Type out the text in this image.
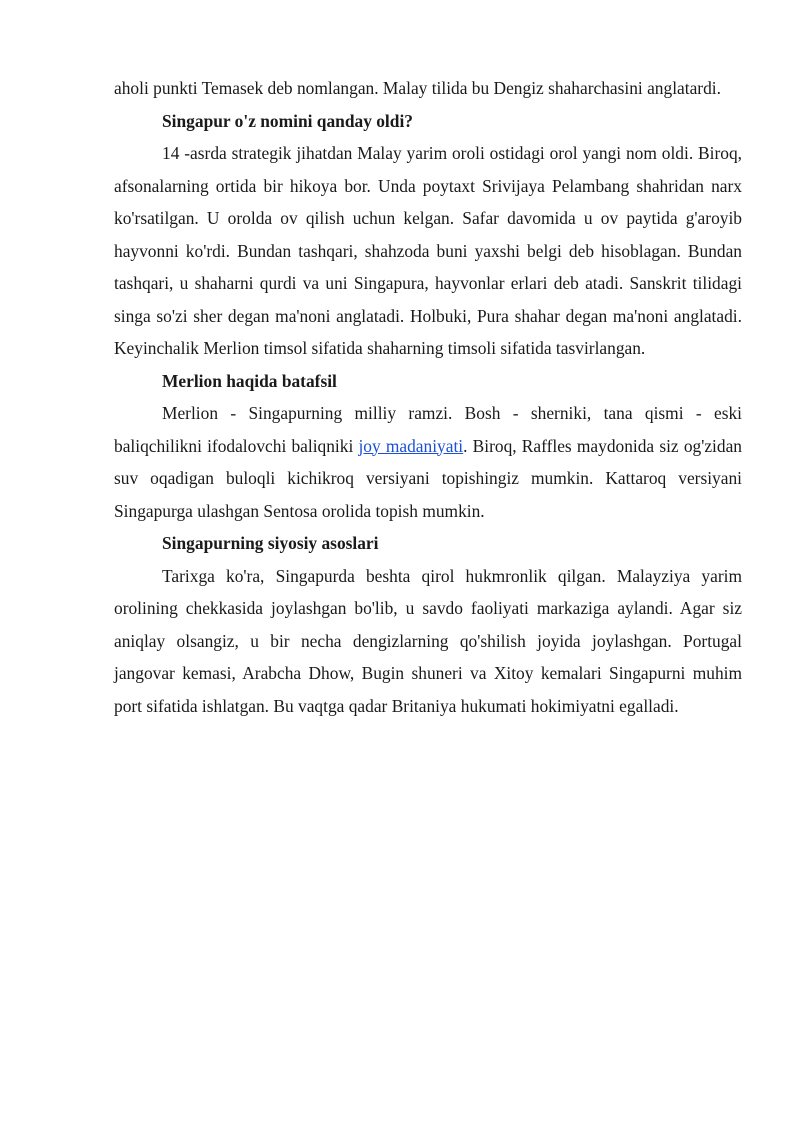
aholi punkti Temasek deb nomlangan. Malay tilida bu Dengiz shaharchasini anglatardi.

Singapur o'z nomini qanday oldi?

14 -asrda strategik jihatdan Malay yarim oroli ostidagi orol yangi nom oldi. Biroq, afsonalarning ortida bir hikoya bor. Unda poytaxt Srivijaya Pelambang shahridan narx ko'rsatilgan. U orolda ov qilish uchun kelgan. Safar davomida u ov paytida g'aroyib hayvonni ko'rdi. Bundan tashqari, shahzoda buni yaxshi belgi deb hisoblagan. Bundan tashqari, u shaharni qurdi va uni Singapura, hayvonlar erlari deb atadi. Sanskrit tilidagi singa so'zi sher degan ma'noni anglatadi. Holbuki, Pura shahar degan ma'noni anglatadi. Keyinchalik Merlion timsol sifatida shaharning timsoli sifatida tasvirlangan.

Merlion haqida batafsil

Merlion - Singapurning milliy ramzi. Bosh - sherniki, tana qismi - eski baliqchilikni ifodalovchi baliqniki joy madaniyati. Biroq, Raffles maydonida siz og'zidan suv oqadigan buloqli kichikroq versiyani topishingiz mumkin. Kattaroq versiyani Singapurga ulashgan Sentosa orolida topish mumkin.

Singapurning siyosiy asoslari

Tarixga ko'ra, Singapurda beshta qirol hukmronlik qilgan. Malayziya yarim orolining chekkasida joylashgan bo'lib, u savdo faoliyati markaziga aylandi. Agar siz aniqlay olsangiz, u bir necha dengizlarning qo'shilish joyida joylashgan. Portugal jangovar kemasi, Arabcha Dhow, Bugin shuneri va Xitoy kemalari Singapurni muhim port sifatida ishlatgan. Bu vaqtga qadar Britaniya hukumati hokimiyatni egalladi.
